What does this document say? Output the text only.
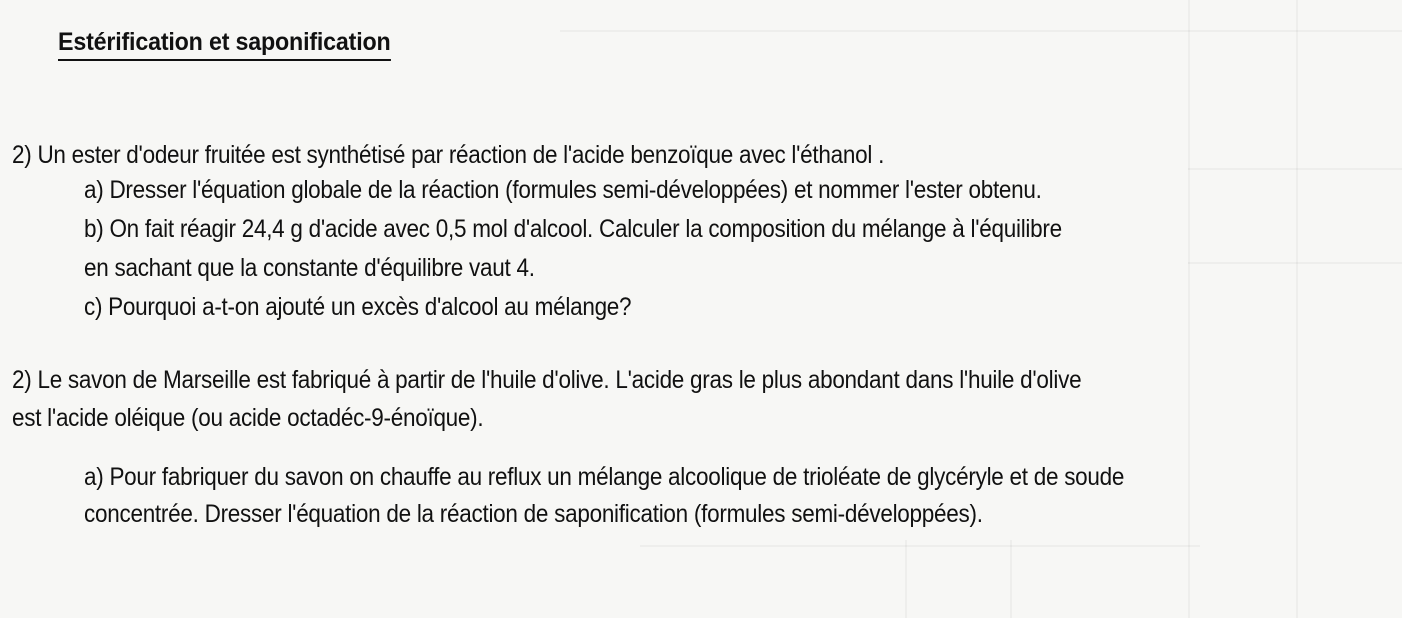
Estérification et saponification
2) Un ester d'odeur fruitée est synthétisé par réaction de l'acide benzoïque avec l'éthanol .
a) Dresser l'équation globale de la réaction (formules semi-développées) et nommer l'ester obtenu.
b) On fait réagir 24,4 g d'acide avec 0,5 mol d'alcool. Calculer la composition du mélange à l'équilibre
en sachant que la constante d'équilibre vaut 4.
c) Pourquoi a-t-on ajouté un excès d'alcool au mélange?
2) Le savon de Marseille est fabriqué à partir de l'huile d'olive. L'acide gras le plus abondant dans l'huile d'olive
est l'acide oléique (ou acide octadéc-9-énoïque).
a) Pour fabriquer du savon on chauffe au reflux un mélange alcoolique de trioléate de glycéryle et de soude
concentrée. Dresser l'équation de la réaction de saponification (formules semi-développées).
